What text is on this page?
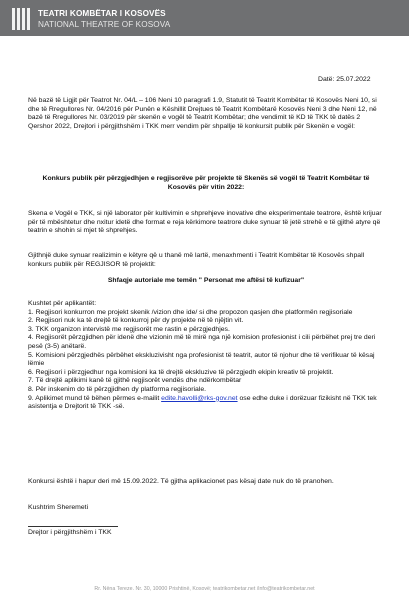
TEATRI KOMBËTAR I KOSOVËS
NATIONAL THEATRE OF KOSOVA
Datë: 25.07.2022

Në bazë të Ligjit për Teatrot Nr. 04/L – 106 Neni 10 paragrafi 1.9, Statutit të Teatrit Kombëtar të Kosovës Neni 10, si dhe të Rregullores Nr. 04/2016 për Punën e Këshillit Drejtues të Teatrit Kombëtarë Kosovës Neni 3 dhe Neni 12, në bazë të Rregullores Nr. 03/2019 për skenën e vogël të Teatrit Kombëtar; dhe vendimit të KD të TKK të datës 2 Qershor 2022, Drejtori i përgjithshëm i TKK merr vendim për shpallje të konkursit publik për Skenën e vogël:

Konkurs publik për përzgjedhjen e regjisorëve për projekte të Skenës së vogël të Teatrit Kombëtar të Kosovës për vitin 2022:

Skena e Vogël e TKK, si një laborator për kultivimin e shprehjeve inovative dhe eksperimentale teatrore, është krijuar për të mbështetur dhe nxitur idetë dhe format e reja kërkimore teatrore duke synuar të jetë strehë e të gjithë atyre që teatrin e shohin si mjet të shprehjes.

Gjithnjë duke synuar realizimin e këtyre që u thanë më lartë, menaxhmenti i Teatrit Kombëtar të Kosovës shpall konkurs publik për REGJISOR të projektit:

Shfaqje autoriale me temën " Personat me aftësi të kufizuar"

Kushtet për aplikantët:

1. Regjisori konkurron me projekt skenik /vizion dhe ide/ si dhe propozon qasjen dhe platformën regjisoriale

2. Regjisori nuk ka të drejtë të konkurroj për dy projekte në të njëjtin vit.

3. TKK organizon intervistë me regjisorët me rastin e përzgjedhjes.

4. Regjisorët përzgjidhen për idenë dhe vizionin më të mirë nga një komision profesionist i cili përbëhet prej tre deri pesë (3-5) anëtarë.

5. Komisioni përzgjedhës përbëhet ekskluzivisht nga profesionist të teatrit, autor të njohur dhe të verifikuar të kësaj lëmie

6. Regjisori i përzgjedhur nga komisioni ka të drejtë ekskluzive të përzgjedh ekipin kreativ të projektit.

7. Të drejtë aplikimi kanë të gjithë regjisorët vendës dhe ndërkombëtar

8. Për inskenim do të përzgjidhen dy platforma regjisoriale.

9. Aplikimet mund të bëhen përmes e-mailit edite.havolli@rks-gov.net ose edhe duke i dorëzuar fizikisht në TKK tek asistentja e Drejtorit të TKK -së.

Konkursi është i hapur deri më 15.09.2022. Të gjitha aplikacionet pas kësaj date nuk do të pranohen.

Kushtrim Sheremeti

Drejtor i përgjithshëm i TKK

Rr. Nëna Tereze. Nr. 30, 10000 Prishtinë, Kosovë; teatrikombetar.net /info@teatrikombetar.net
